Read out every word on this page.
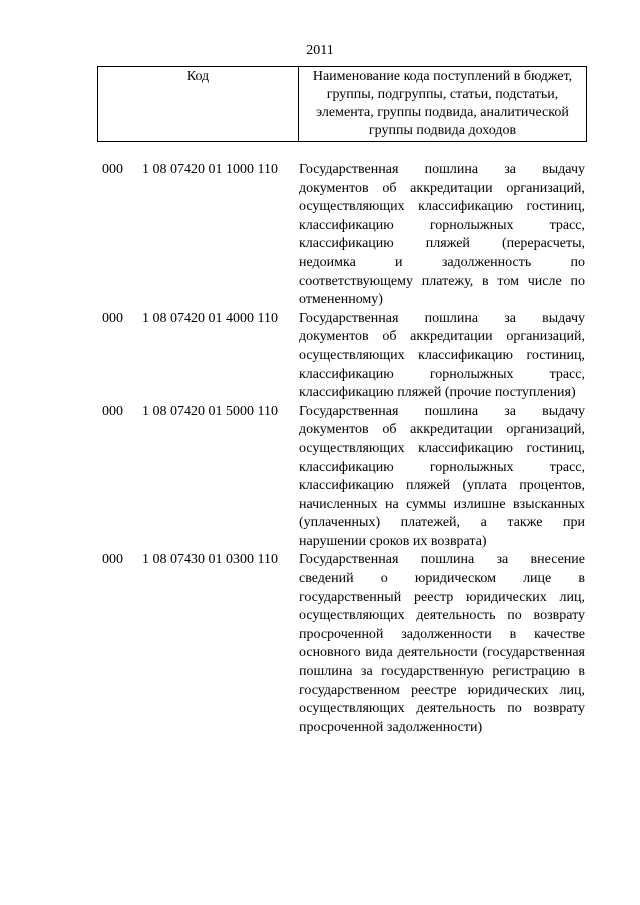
2011
Код	Наименование кода поступлений в бюджет, группы, подгруппы, статьи, подстатьи, элемента, группы подвида, аналитической группы подвида доходов
000	1 08 07420 01 1000 110	Государственная пошлина за выдачу документов об аккредитации организаций, осуществляющих классификацию гостиниц, классификацию горнолыжных трасс, классификацию пляжей (перерасчеты, недоимка и задолженность по соответствующему платежу, в том числе по отмененному)
000	1 08 07420 01 4000 110	Государственная пошлина за выдачу документов об аккредитации организаций, осуществляющих классификацию гостиниц, классификацию горнолыжных трасс, классификацию пляжей (прочие поступления)
000	1 08 07420 01 5000 110	Государственная пошлина за выдачу документов об аккредитации организаций, осуществляющих классификацию гостиниц, классификацию горнолыжных трасс, классификацию пляжей (уплата процентов, начисленных на суммы излишне взысканных (уплаченных) платежей, а также при нарушении сроков их возврата)
000	1 08 07430 01 0300 110	Государственная пошлина за внесение сведений о юридическом лице в государственный реестр юридических лиц, осуществляющих деятельность по возврату просроченной задолженности в качестве основного вида деятельности (государственная пошлина за государственную регистрацию в государственном реестре юридических лиц, осуществляющих деятельность по возврату просроченной задолженности)
